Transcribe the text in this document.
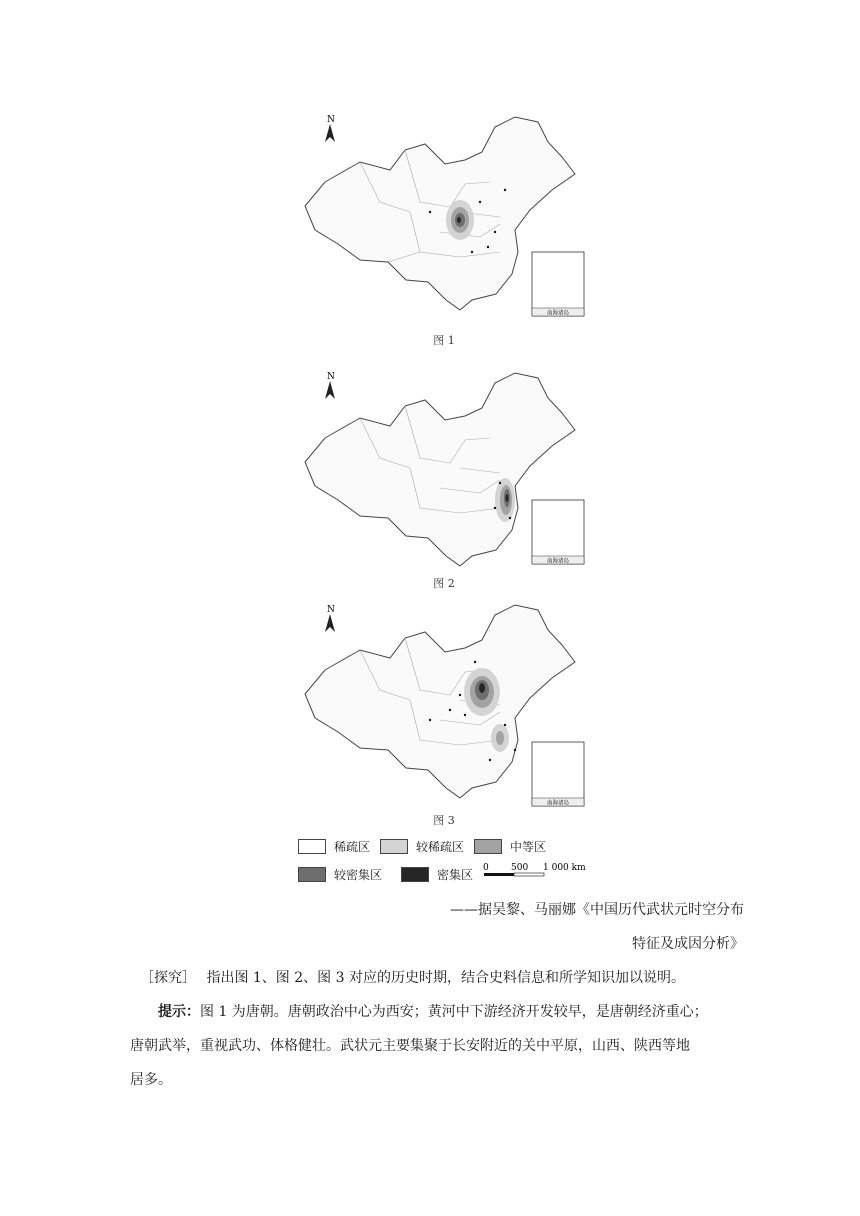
N
南海诸岛
图 1
N
南海诸岛
图 2
N
南海诸岛
图 3
稀疏区	较稀疏区	中等区
较密集区	密集区 0 500 1 000 km
——据吴黎、马丽娜《中国历代武状元时空分布
特征及成因分析》
［探究］ 指出图 1、图 2、图 3 对应的历史时期，结合史料信息和所学知识加以说明。
提示：图 1 为唐朝。唐朝政治中心为西安；黄河中下游经济开发较早，是唐朝经济重心；
唐朝武举，重视武功、体格健壮。武状元主要集聚于长安附近的关中平原，山西、陕西等地
居多。
